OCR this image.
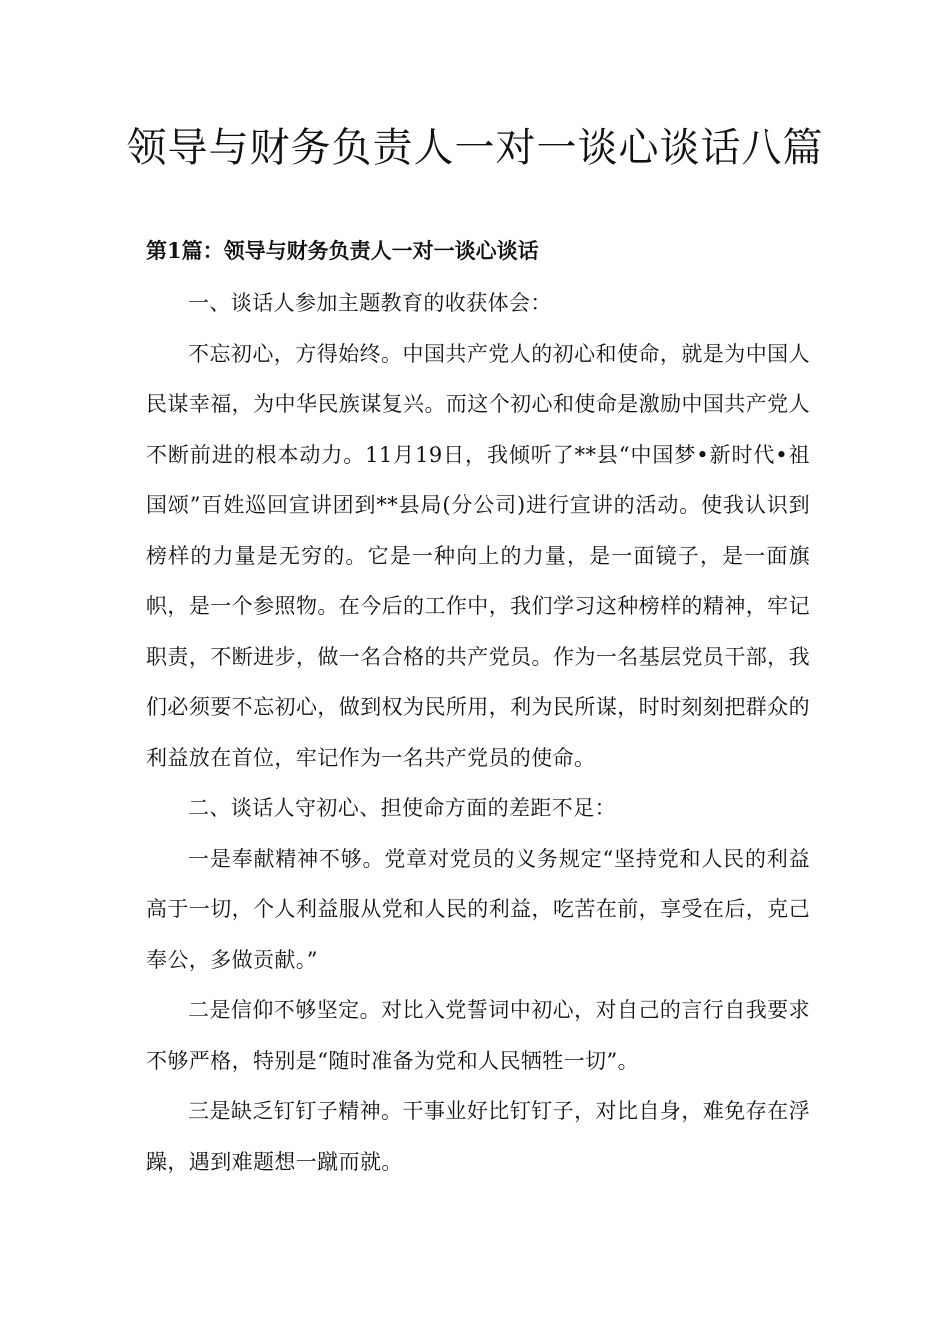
领导与财务负责人一对一谈心谈话八篇
第1篇：领导与财务负责人一对一谈心谈话

一、谈话人参加主题教育的收获体会：

不忘初心，方得始终。中国共产党人的初心和使命，就是为中国人民谋幸福，为中华民族谋复兴。而这个初心和使命是激励中国共产党人不断前进的根本动力。11月19日，我倾听了**县“中国梦•新时代•祖国颂”百姓巡回宣讲团到**县局(分公司)进行宣讲的活动。使我认识到榜样的力量是无穷的。它是一种向上的力量，是一面镜子，是一面旗帜，是一个参照物。在今后的工作中，我们学习这种榜样的精神，牢记职责，不断进步，做一名合格的共产党员。作为一名基层党员干部，我们必须要不忘初心，做到权为民所用，利为民所谋，时时刻刻把群众的利益放在首位，牢记作为一名共产党员的使命。

二、谈话人守初心、担使命方面的差距不足：

一是奉献精神不够。党章对党员的义务规定“坚持党和人民的利益高于一切，个人利益服从党和人民的利益，吃苦在前，享受在后，克己奉公，多做贡献。”

二是信仰不够坚定。对比入党誓词中初心，对自己的言行自我要求不够严格，特别是“随时准备为党和人民牺牲一切”。

三是缺乏钉钉子精神。干事业好比钉钉子，对比自身，难免存在浮躁，遇到难题想一蹴而就。
